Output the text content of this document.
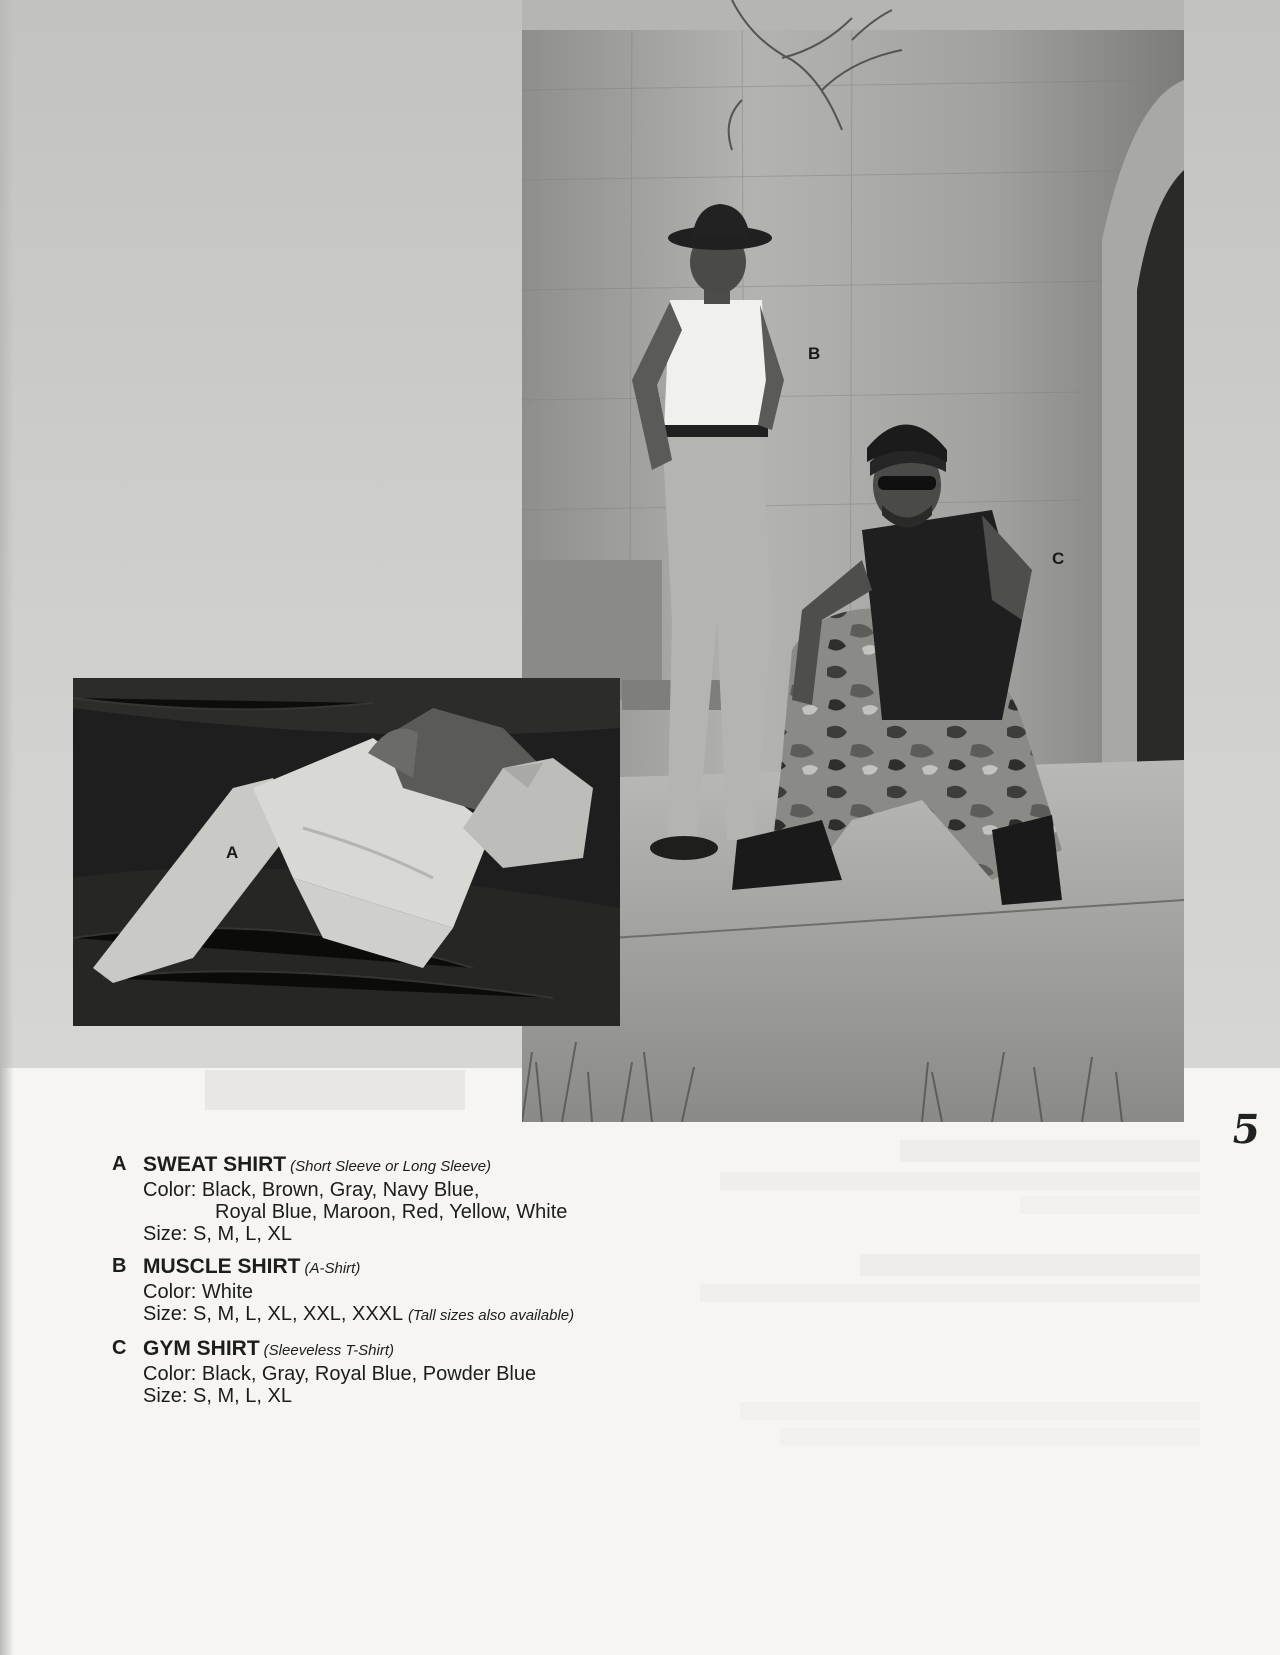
B
C
A
5
A SWEAT SHIRT (Short Sleeve or Long Sleeve)
Color: Black, Brown, Gray, Navy Blue,
Royal Blue, Maroon, Red, Yellow, White
Size: S, M, L, XL
B MUSCLE SHIRT (A-Shirt)
Color: White
Size: S, M, L, XL, XXL, XXXL (Tall sizes also available)
C GYM SHIRT (Sleeveless T-Shirt)
Color: Black, Gray, Royal Blue, Powder Blue
Size: S, M, L, XL
